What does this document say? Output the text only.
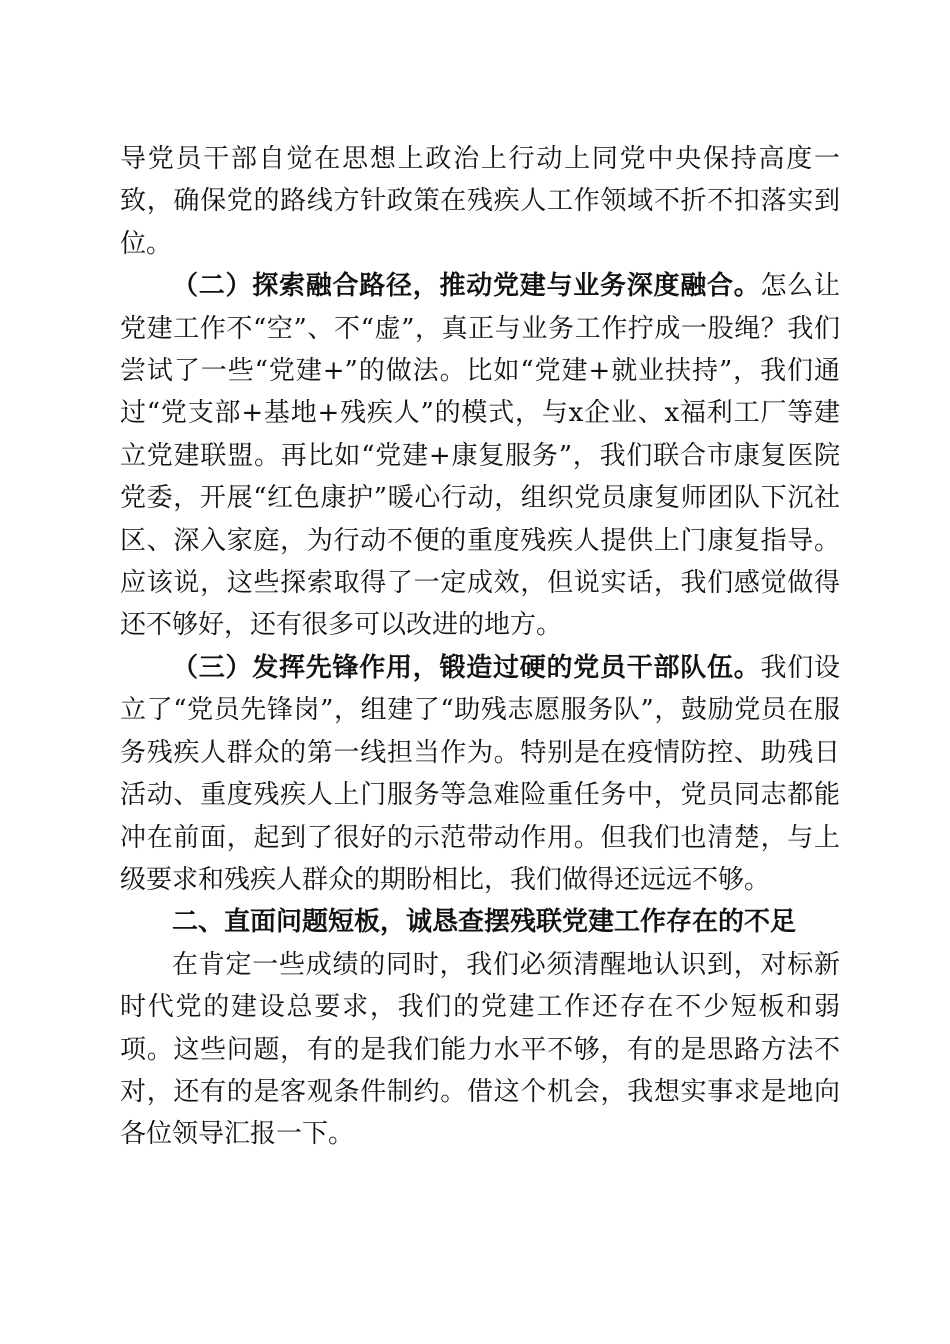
导党员干部自觉在思想上政治上行动上同党中央保持高度一致，确保党的路线方针政策在残疾人工作领域不折不扣落实到位。

（二）探索融合路径，推动党建与业务深度融合。怎么让党建工作不“空”、不“虚”，真正与业务工作拧成一股绳？我们尝试了一些“党建+”的做法。比如“党建+就业扶持”，我们通过“党支部+基地+残疾人”的模式，与x企业、x福利工厂等建立党建联盟。再比如“党建+康复服务”，我们联合市康复医院党委，开展“红色康护”暖心行动，组织党员康复师团队下沉社区、深入家庭，为行动不便的重度残疾人提供上门康复指导。应该说，这些探索取得了一定成效，但说实话，我们感觉做得还不够好，还有很多可以改进的地方。

（三）发挥先锋作用，锻造过硬的党员干部队伍。我们设立了“党员先锋岗”，组建了“助残志愿服务队”，鼓励党员在服务残疾人群众的第一线担当作为。特别是在疫情防控、助残日活动、重度残疾人上门服务等急难险重任务中，党员同志都能冲在前面，起到了很好的示范带动作用。但我们也清楚，与上级要求和残疾人群众的期盼相比，我们做得还远远不够。

二、直面问题短板，诚恳查摆残联党建工作存在的不足

在肯定一些成绩的同时，我们必须清醒地认识到，对标新时代党的建设总要求，我们的党建工作还存在不少短板和弱项。这些问题，有的是我们能力水平不够，有的是思路方法不对，还有的是客观条件制约。借这个机会，我想实事求是地向各位领导汇报一下。
